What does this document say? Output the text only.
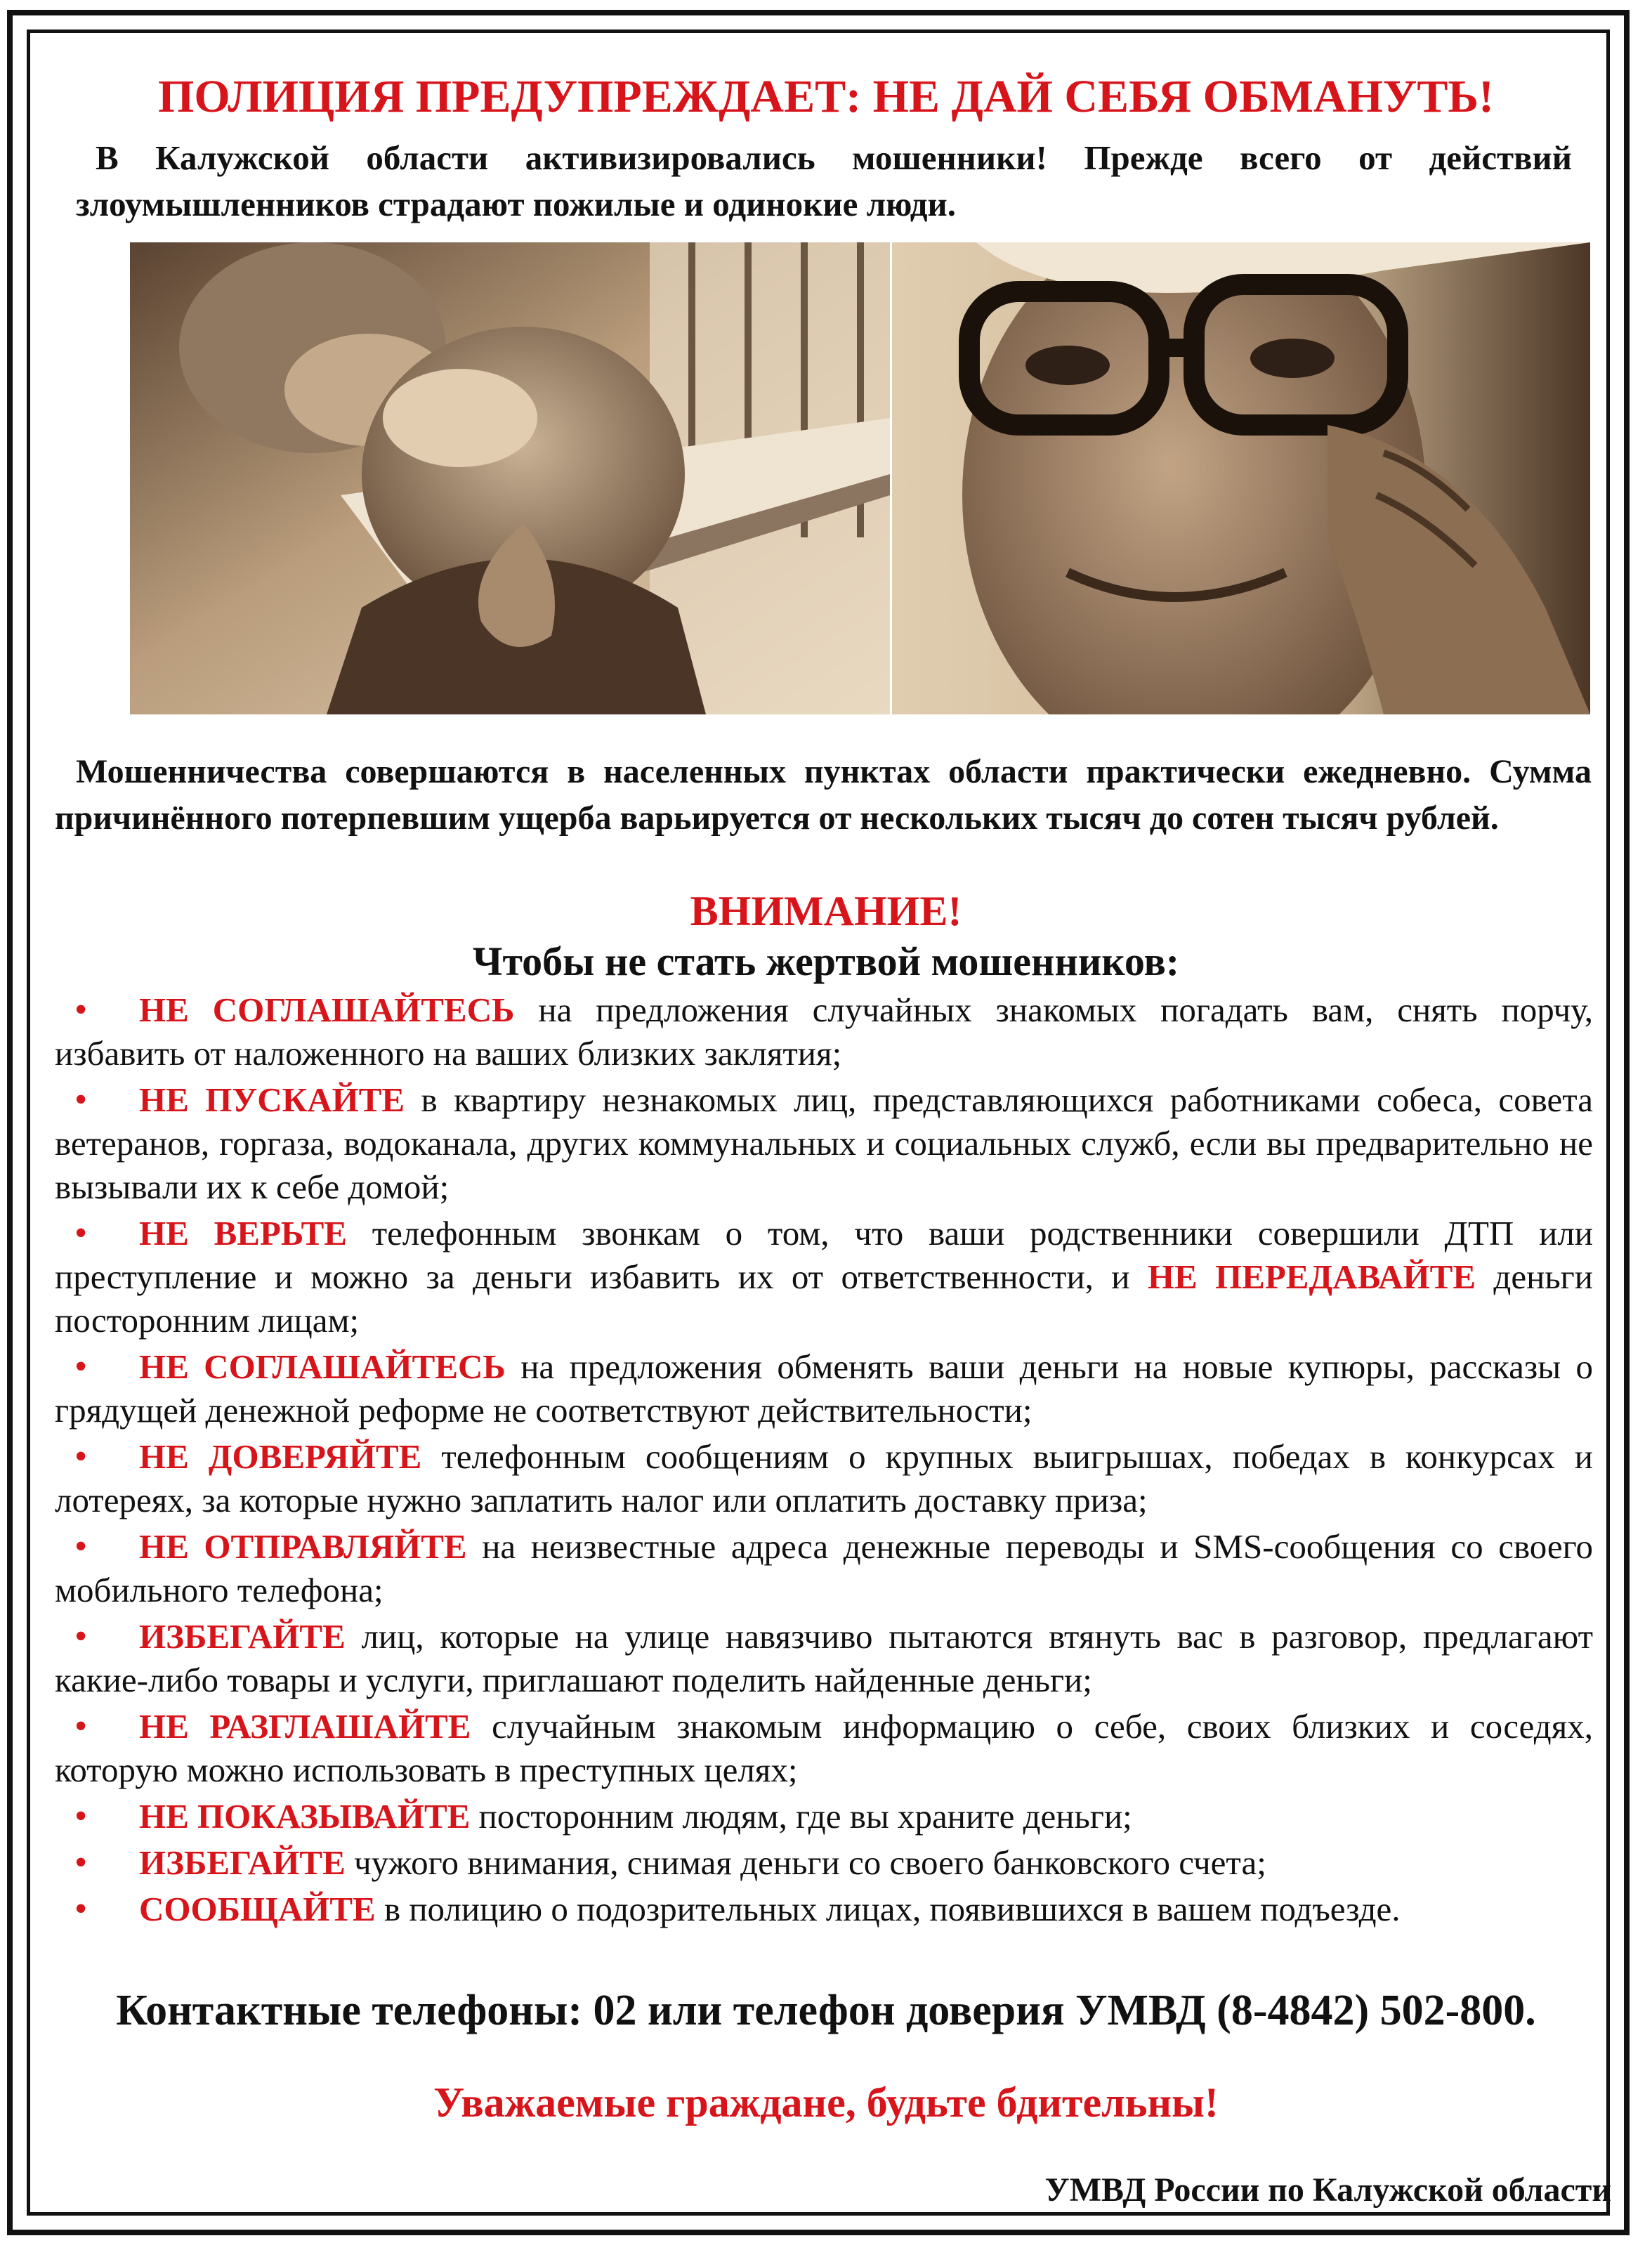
ПОЛИЦИЯ ПРЕДУПРЕЖДАЕТ: НЕ ДАЙ СЕБЯ ОБМАНУТЬ!

В Калужской области активизировались мошенники! Прежде всего от действий злоумышленников страдают пожилые и одинокие люди.

Мошенничества совершаются в населенных пунктах области практически ежедневно. Сумма причинённого потерпевшим ущерба варьируется от нескольких тысяч до сотен тысяч рублей.

ВНИМАНИЕ!
Чтобы не стать жертвой мошенников:
• НЕ СОГЛАШАЙТЕСЬ на предложения случайных знакомых погадать вам, снять порчу, избавить от наложенного на ваших близких заклятия;
• НЕ ПУСКАЙТЕ в квартиру незнакомых лиц, представляющихся работниками собеса, совета ветеранов, горгаза, водоканала, других коммунальных и социальных служб, если вы предварительно не вызывали их к себе домой;
• НЕ ВЕРЬТЕ телефонным звонкам о том, что ваши родственники совершили ДТП или преступление и можно за деньги избавить их от ответственности, и НЕ ПЕРЕДАВАЙТЕ деньги посторонним лицам;
• НЕ СОГЛАШАЙТЕСЬ на предложения обменять ваши деньги на новые купюры, рассказы о грядущей денежной реформе не соответствуют действительности;
• НЕ ДОВЕРЯЙТЕ телефонным сообщениям о крупных выигрышах, победах в конкурсах и лотереях, за которые нужно заплатить налог или оплатить доставку приза;
• НЕ ОТПРАВЛЯЙТЕ на неизвестные адреса денежные переводы и SMS-сообщения со своего мобильного телефона;
• ИЗБЕГАЙТЕ лиц, которые на улице навязчиво пытаются втянуть вас в разговор, предлагают какие-либо товары и услуги, приглашают поделить найденные деньги;
• НЕ РАЗГЛАШАЙТЕ случайным знакомым информацию о себе, своих близких и соседях, которую можно использовать в преступных целях;
• НЕ ПОКАЗЫВАЙТЕ посторонним людям, где вы храните деньги;
• ИЗБЕГАЙТЕ чужого внимания, снимая деньги со своего банковского счета;
• СООБЩАЙТЕ в полицию о подозрительных лицах, появившихся в вашем подъезде.
Контактные телефоны: 02 или телефон доверия УМВД (8-4842) 502-800.
Уважаемые граждане, будьте бдительны!
УМВД России по Калужской области
